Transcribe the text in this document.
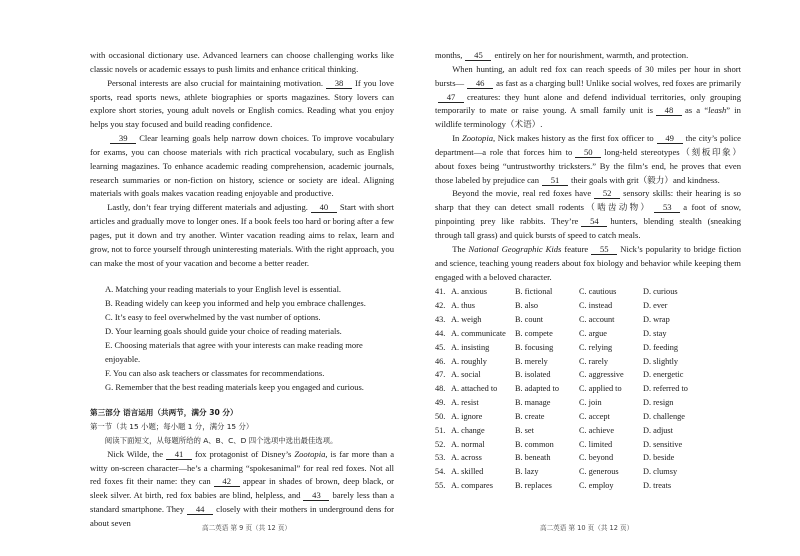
with occasional dictionary use. Advanced learners can choose challenging works like classic novels or academic essays to push limits and enhance critical thinking.

Personal interests are also crucial for maintaining motivation. 38 If you love sports, read sports news, athlete biographies or sports magazines. Story lovers can explore short stories, young adult novels or English comics. Reading what you enjoy helps you stay focused and build reading confidence.

39 Clear learning goals help narrow down choices. To improve vocabulary for exams, you can choose materials with rich practical vocabulary, such as English learning magazines. To enhance academic reading comprehension, academic journals, research summaries or non-fiction on history, science or society are ideal. Aligning materials with goals makes vacation reading enjoyable and productive.

Lastly, don’t fear trying different materials and adjusting. 40 Start with short articles and gradually move to longer ones. If a book feels too hard or boring after a few pages, put it down and try another. Winter vacation reading aims to relax, learn and grow, not to force yourself through uninteresting materials. With the right approach, you can make the most of your vacation and become a better reader.

A. Matching your reading materials to your English level is essential.
B. Reading widely can keep you informed and help you embrace challenges.
C. It’s easy to feel overwhelmed by the vast number of options.
D. Your learning goals should guide your choice of reading materials.
E. Choosing materials that agree with your interests can make reading more enjoyable.
F. You can also ask teachers or classmates for recommendations.
G. Remember that the best reading materials keep you engaged and curious.
第三部分 语言运用（共两节，满分 30 分）
第一节（共 15 小题；每小题 1 分，满分 15 分）
阅读下面短文，从每题所给的 A、B、C、D 四个选项中选出最佳选项。

Nick Wilde, the 41 fox protagonist of Disney’s Zootopia, is far more than a witty on-screen character—he’s a charming “spokesanimal” for real red foxes. Not all red foxes fit their name: they can 42 appear in shades of brown, deep black, or sleek silver. At birth, red fox babies are blind, helpless, and 43 barely less than a standard smartphone. They 44 closely with their mothers in underground dens for about seven	高二英语 第 9 页（共 12 页）

months, 45 entirely on her for nourishment, warmth, and protection.

When hunting, an adult red fox can reach speeds of 30 miles per hour in short bursts— 46 as fast as a charging bull! Unlike social wolves, red foxes are primarily 47 creatures: they hunt alone and defend individual territories, only grouping temporarily to mate or raise young. A small family unit is 48 as a “leash” in wildlife terminology（术语）.

In Zootopia, Nick makes history as the first fox officer to 49 the city’s police department—a role that forces him to 50 long-held stereotypes（刻板印象） about foxes being “untrustworthy tricksters.” By the film’s end, he proves that even those labeled by prejudice can 51 their goals with grit（毅力）and kindness.

Beyond the movie, real red foxes have 52 sensory skills: their hearing is so sharp that they can detect small rodents（啮齿动物） 53 a foot of snow, pinpointing prey like rabbits. They’re 54 hunters, blending stealth (sneaking through tall grass) and quick bursts of speed to catch meals.

The National Geographic Kids feature 55 Nick’s popularity to bridge fiction and science, teaching young readers about fox biology and behavior while keeping them engaged with a beloved character.

41. A. anxious	B. fictional	C. cautious	D. curious
42. A. thus	B. also	C. instead	D. ever
43. A. weigh	B. count	C. account	D. wrap
44. A. communicate	B. compete	C. argue	D. stay
45. A. insisting	B. focusing	C. relying	D. feeding
46. A. roughly	B. merely	C. rarely	D. slightly
47. A. social	B. isolated	C. aggressive	D. energetic
48. A. attached to	B. adapted to	C. applied to	D. referred to
49. A. resist	B. manage	C. join	D. resign
50. A. ignore	B. create	C. accept	D. challenge
51. A. change	B. set	C. achieve	D. adjust
52. A. normal	B. common	C. limited	D. sensitive
53. A. across	B. beneath	C. beyond	D. beside
54. A. skilled	B. lazy	C. generous	D. clumsy
55. A. compares	B. replaces	C. employ	D. treats
高二英语 第 10 页（共 12 页）
